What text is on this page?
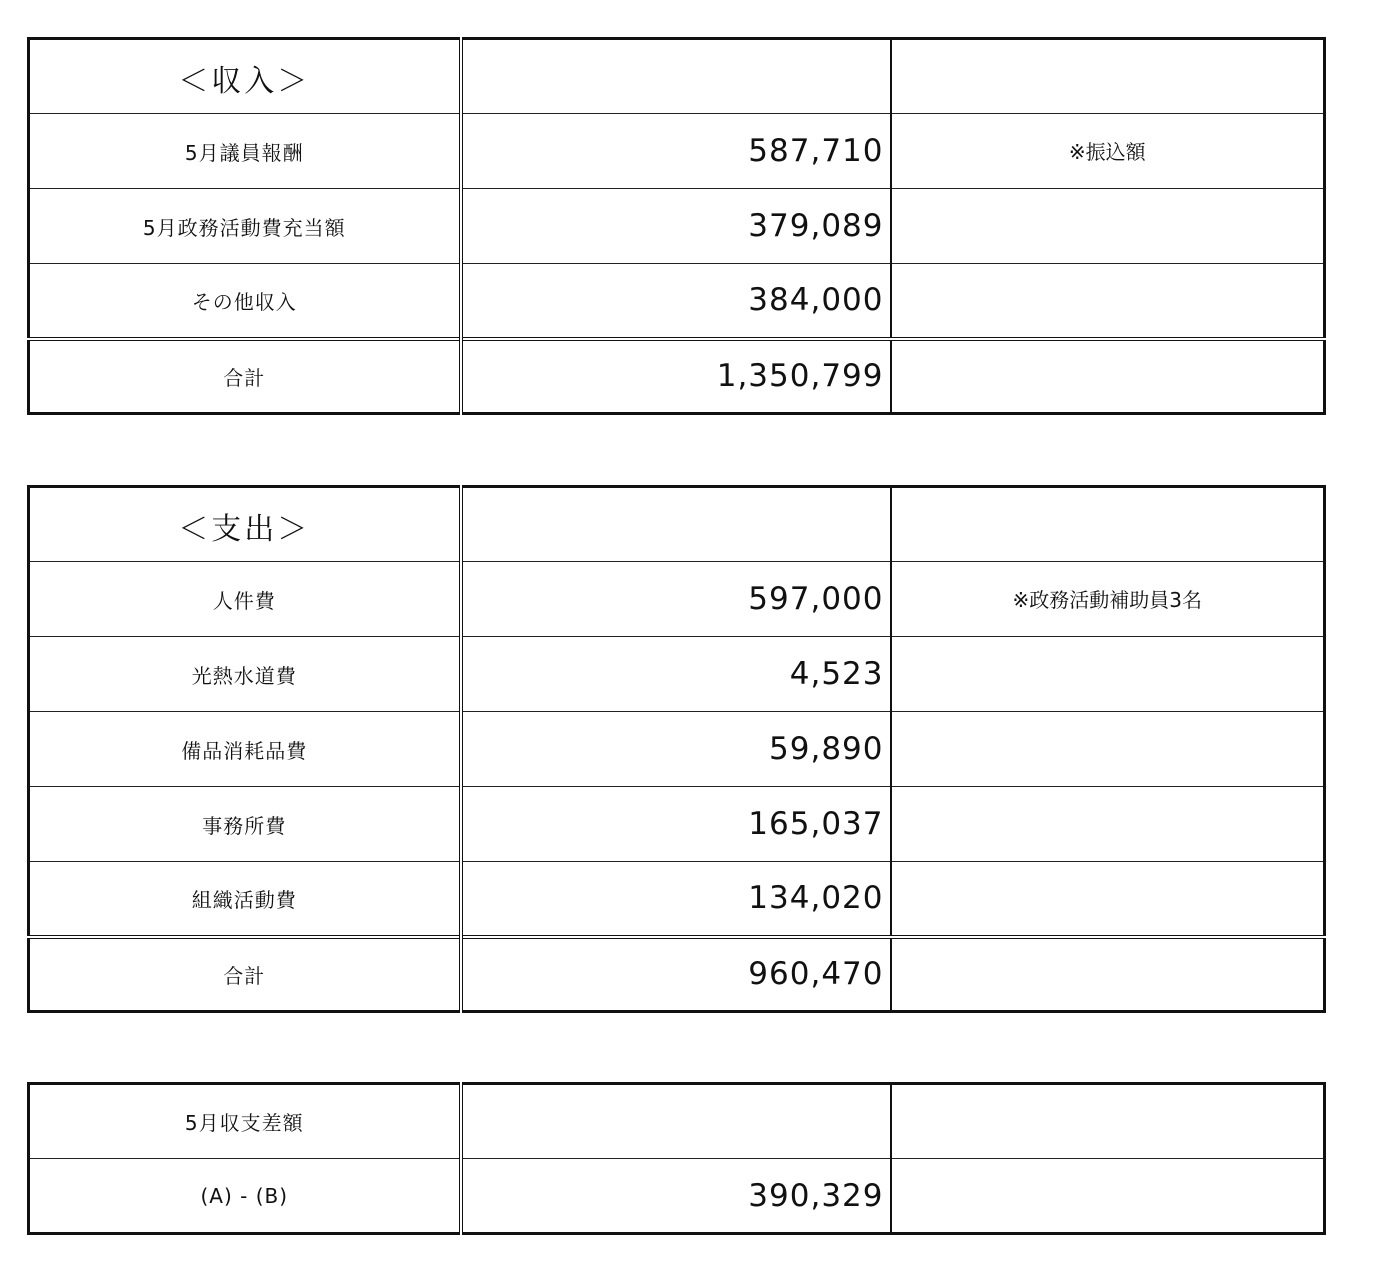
＜収入＞		
5月議員報酬	587,710	※振込額
5月政務活動費充当額	379,089	
その他収入	384,000	
合計	1,350,799	
＜支出＞		
人件費	597,000	※政務活動補助員3名
光熱水道費	4,523	
備品消耗品費	59,890	
事務所費	165,037	
組織活動費	134,020	
合計	960,470	
5月収支差額		
(A) - (B)	390,329	
